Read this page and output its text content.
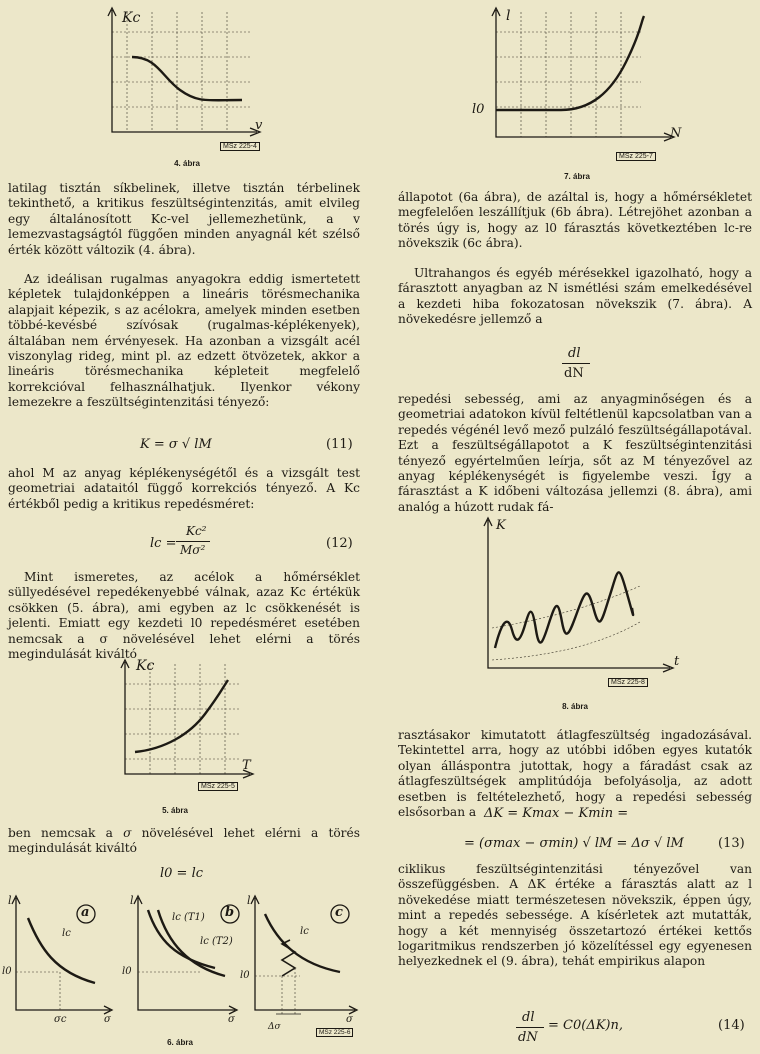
Kc
v
MSz 225-4
4. ábra
l
l0
N
MSz 225-7
7. ábra
latilag tisztán síkbelinek, illetve tisztán térbelinek tekinthető, a kritikus feszültségintenzitás, amit elvileg egy általánosított Kc-vel jellemezhetünk, a v lemezvastagságtól függően minden anyagnál két szélső érték között változik (4. ábra).
Az ideálisan rugalmas anyagokra eddig ismertetett képletek tulajdonképpen a lineáris törésmechanika alapjait képezik, s az acélokra, amelyek minden esetben többé-kevésbé szívósak (rugalmas-képlékenyek), általában nem érvényesek. Ha azonban a vizsgált acél viszonylag rideg, mint pl. az edzett ötvözetek, akkor a lineáris törésmechanika képleteit megfelelő korrekcióval felhasználhatjuk. Ilyenkor vékony lemezekre a feszültségintenzitási tényező:
K = σ √ lM	(11)
ahol M az anyag képlékenységétől és a vizsgált test geometriai adataitól függő korrekciós tényező. A Kc értékből pedig a kritikus repedésméret:
lc =
Kc²
Mσ²	(12)
Mint ismeretes, az acélok a hőmérséklet süllyedésével repedékenyebbé válnak, azaz Kc értékük csökken (5. ábra), ami egyben az lc csökkenését is jelenti. Emiatt egy kezdeti l0 repedésméret esetében nemcsak a σ növelésével lehet elérni a törés megindulását kiváltó
Kc
T
MSz 225-5
5. ábra
ben nemcsak a σ növelésével lehet elérni a törés megindulását kiváltó
l0 = lc
l
a
lc
l0
σc	σ
l
b
lc (T1)
lc (T2)
l0
σ
l
c
lc
l0
Δσ
σ
MSz 225-6
6. ábra
állapotot (6a ábra), de azáltal is, hogy a hőmérsékletet megfelelően leszállítjuk (6b ábra). Létrejöhet azonban a törés úgy is, hogy az l0 fárasztás következtében lc-re növekszik (6c ábra).
Ultrahangos és egyéb mérésekkel igazolható, hogy a fárasztott anyagban az N ismétlési szám emelkedésével a kezdeti hiba fokozatosan növekszik (7. ábra). A növekedésre jellemző a
dl
dN
repedési sebesség, ami az anyagminőségen és a geometriai adatokon kívül feltétlenül kapcsolatban van a repedés végénél levő mező pulzáló feszültségállapotával. Ezt a feszültségállapotot a K feszültségintenzitási tényező egyértelműen leírja, sőt az M tényezővel az anyag képlékenységét is figyelembe veszi. Így a fárasztást a K időbeni változása jellemzi (8. ábra), ami analóg a húzott rudak fá-
K
t
MSz 225-8
8. ábra
rasztásakor kimutatott átlagfeszültség ingadozásával. Tekintettel arra, hogy az utóbbi időben egyes kutatók olyan álláspontra jutottak, hogy a fáradást csak az átlagfeszültségek amplitúdója befolyásolja, az adott esetben is feltételezhető, hogy a repedési sebesség elsősorban a ΔK = Kmax − Kmin =
= (σmax − σmin) √ lM = Δσ √ lM	(13)
ciklikus feszültségintenzitási tényezővel van összefüggésben. A ΔK értéke a fárasztás alatt az l növekedése miatt természetesen növekszik, éppen úgy, mint a repedés sebessége. A kísérletek azt mutatták, hogy a két mennyiség összetartozó értékei kettős logaritmikus rendszerben jó közelítéssel egy egyenesen helyezkednek el (9. ábra), tehát empirikus alapon
dl
dN
= C0(ΔK)n,	(14)
